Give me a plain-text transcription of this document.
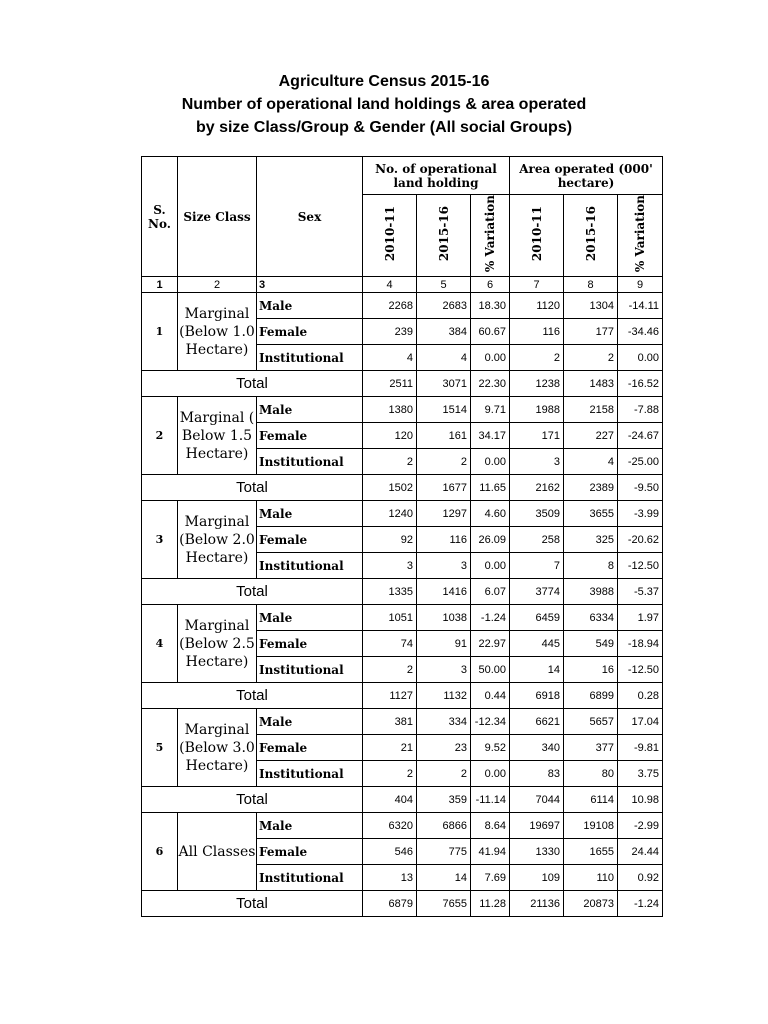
Agriculture Census 2015-16
Number of operational land holdings & area operated
by size Class/Group & Gender (All social Groups)
S. No.	Size Class	Sex	No. of operational land holding			Area operated (000' hectare)		
			2010-11	2015-16	% Variation	2010-11	2015-16	% Variation
1	2	3	4	5	6	7	8	9
1	Marginal (Below 1.0 Hectare)	Male	2268	2683	18.30	1120	1304	-14.11
		Female	239	384	60.67	116	177	-34.46
		Institutional	4	4	0.00	2	2	0.00
Total			2511	3071	22.30	1238	1483	-16.52
2	Marginal ( Below 1.5 Hectare)	Male	1380	1514	9.71	1988	2158	-7.88
		Female	120	161	34.17	171	227	-24.67
		Institutional	2	2	0.00	3	4	-25.00
Total			1502	1677	11.65	2162	2389	-9.50
3	Marginal (Below 2.0 Hectare)	Male	1240	1297	4.60	3509	3655	-3.99
		Female	92	116	26.09	258	325	-20.62
		Institutional	3	3	0.00	7	8	-12.50
Total			1335	1416	6.07	3774	3988	-5.37
4	Marginal (Below 2.5 Hectare)	Male	1051	1038	-1.24	6459	6334	1.97
		Female	74	91	22.97	445	549	-18.94
		Institutional	2	3	50.00	14	16	-12.50
Total			1127	1132	0.44	6918	6899	0.28
5	Marginal (Below 3.0 Hectare)	Male	381	334	-12.34	6621	5657	17.04
		Female	21	23	9.52	340	377	-9.81
		Institutional	2	2	0.00	83	80	3.75
Total			404	359	-11.14	7044	6114	10.98
6	All Classes	Male	6320	6866	8.64	19697	19108	-2.99
		Female	546	775	41.94	1330	1655	24.44
		Institutional	13	14	7.69	109	110	0.92
Total			6879	7655	11.28	21136	20873	-1.24
